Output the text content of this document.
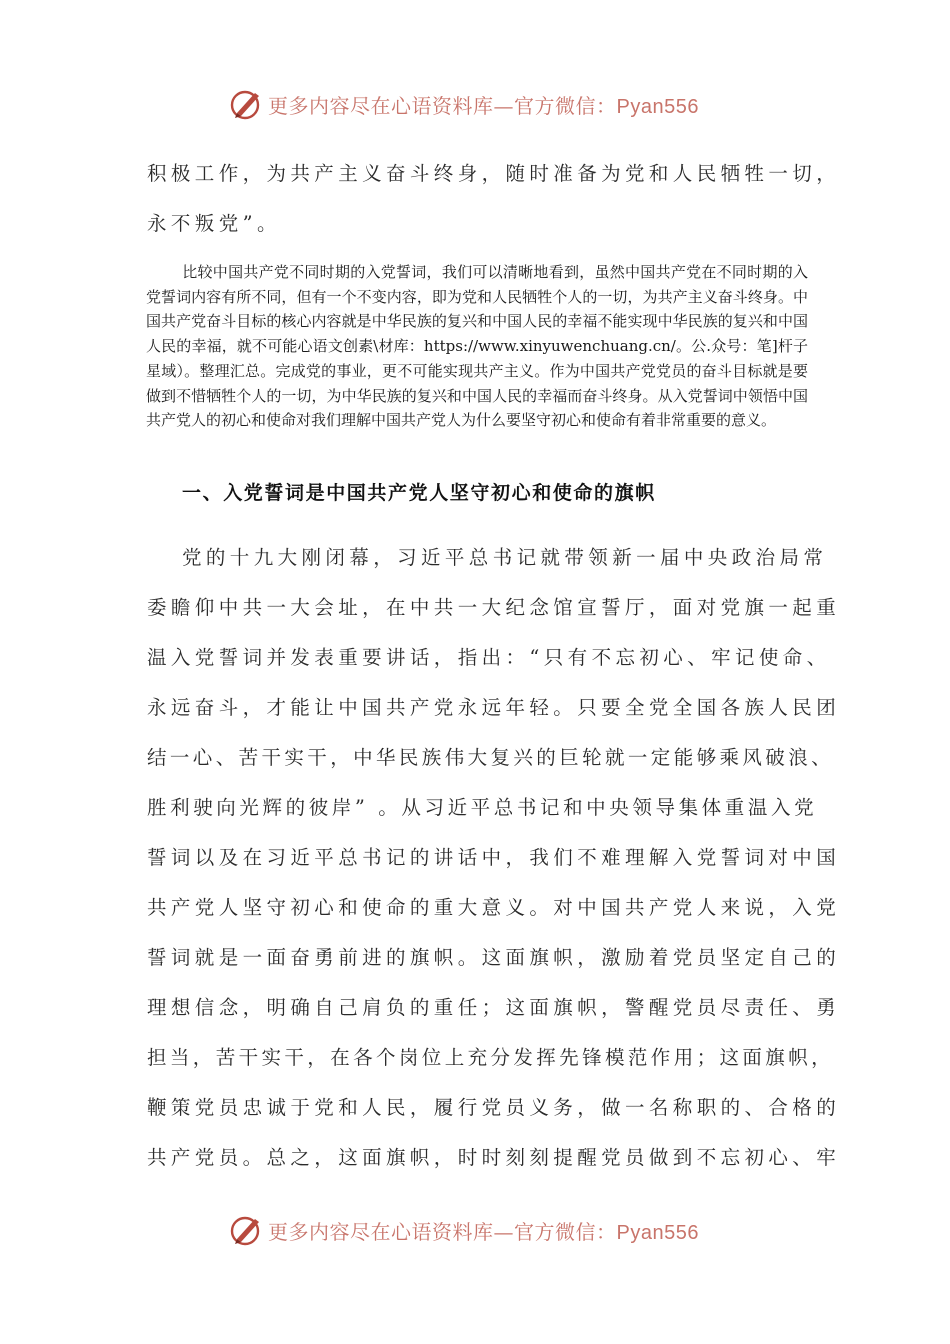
更多内容尽在心语资料库—官方微信：Pyan556

积极工作，为共产主义奋斗终身，随时准备为党和人民牺牲一切，

永不叛党”。

比较中国共产党不同时期的入党誓词，我们可以清晰地看到，虽然中国共产党在不同时期的入党誓词内容有所不同，但有一个不变内容，即为党和人民牺牲个人的一切，为共产主义奋斗终身。中国共产党奋斗目标的核心内容就是中华民族的复兴和中国人民的幸福不能实现中华民族的复兴和中国人民的幸福，就不可能心语文创素\材库：https://www.xinyuwenchuang.cn/。公.众号：笔]杆子星域）。整理汇总。完成党的事业，更不可能实现共产主义。作为中国共产党党员的奋斗目标就是要做到不惜牺牲个人的一切，为中华民族的复兴和中国人民的幸福而奋斗终身。从入党誓词中领悟中国共产党人的初心和使命对我们理解中国共产党人为什么要坚守初心和使命有着非常重要的意义。

一、入党誓词是中国共产党人坚守初心和使命的旗帜

党的十九大刚闭幕，习近平总书记就带领新一届中央政治局常

委瞻仰中共一大会址，在中共一大纪念馆宣誓厅，面对党旗一起重

温入党誓词并发表重要讲话，指出：“只有不忘初心、牢记使命、

永远奋斗，才能让中国共产党永远年轻。只要全党全国各族人民团

结一心、苦干实干，中华民族伟大复兴的巨轮就一定能够乘风破浪、

胜利驶向光辉的彼岸” 。从习近平总书记和中央领导集体重温入党

誓词以及在习近平总书记的讲话中，我们不难理解入党誓词对中国

共产党人坚守初心和使命的重大意义。对中国共产党人来说，入党

誓词就是一面奋勇前进的旗帜。这面旗帜，激励着党员坚定自己的

理想信念，明确自己肩负的重任；这面旗帜，警醒党员尽责任、勇

担当，苦干实干，在各个岗位上充分发挥先锋模范作用；这面旗帜，

鞭策党员忠诚于党和人民，履行党员义务，做一名称职的、合格的

共产党员。总之，这面旗帜，时时刻刻提醒党员做到不忘初心、牢

更多内容尽在心语资料库—官方微信：Pyan556
